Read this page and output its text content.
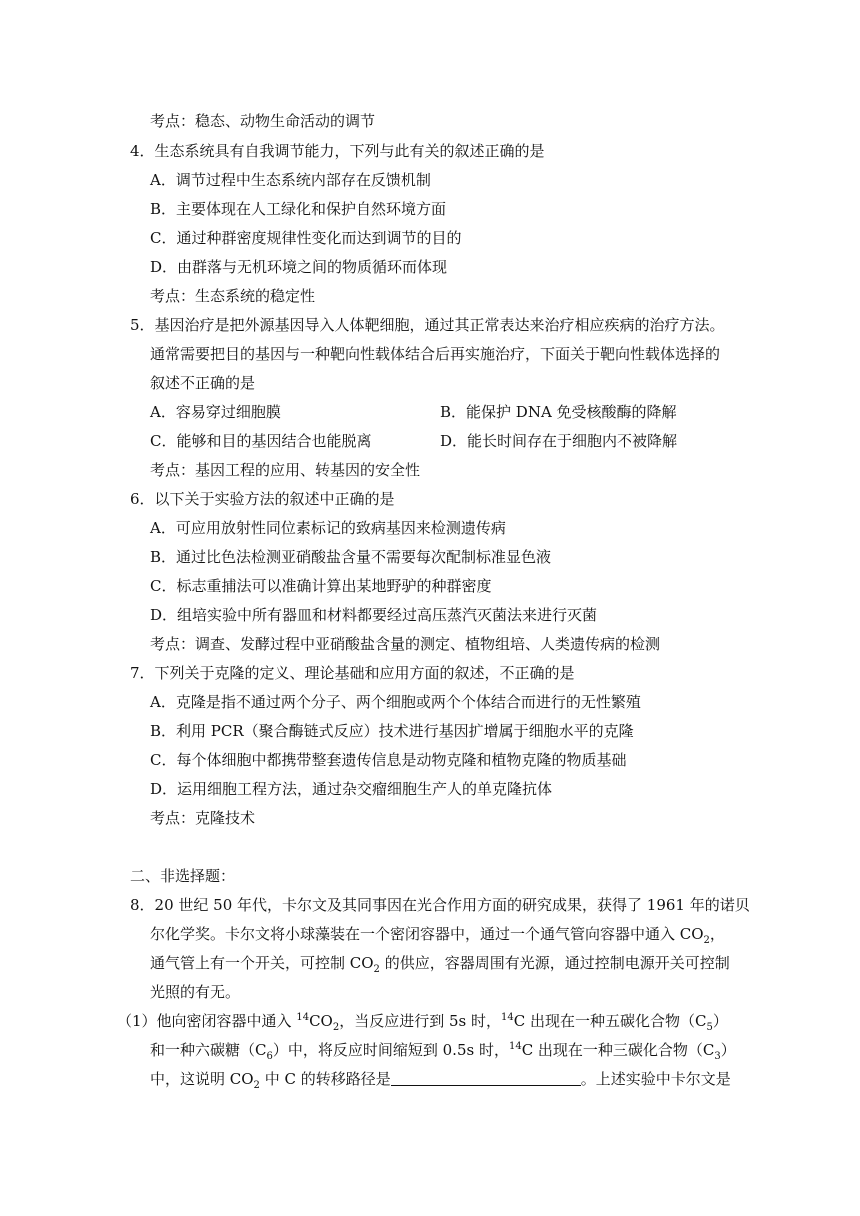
考点：稳态、动物生命活动的调节
4．生态系统具有自我调节能力，下列与此有关的叙述正确的是
A．调节过程中生态系统内部存在反馈机制
B．主要体现在人工绿化和保护自然环境方面
C．通过种群密度规律性变化而达到调节的目的
D．由群落与无机环境之间的物质循环而体现
考点：生态系统的稳定性
5．基因治疗是把外源基因导入人体靶细胞，通过其正常表达来治疗相应疾病的治疗方法。
通常需要把目的基因与一种靶向性载体结合后再实施治疗，下面关于靶向性载体选择的
叙述不正确的是
A．容易穿过细胞膜	B．能保护 DNA 免受核酸酶的降解
C．能够和目的基因结合也能脱离	D．能长时间存在于细胞内不被降解
考点：基因工程的应用、转基因的安全性
6．以下关于实验方法的叙述中正确的是
A．可应用放射性同位素标记的致病基因来检测遗传病
B．通过比色法检测亚硝酸盐含量不需要每次配制标准显色液
C．标志重捕法可以准确计算出某地野驴的种群密度
D．组培实验中所有器皿和材料都要经过高压蒸汽灭菌法来进行灭菌
考点：调查、发酵过程中亚硝酸盐含量的测定、植物组培、人类遗传病的检测
7．下列关于克隆的定义、理论基础和应用方面的叙述，不正确的是
A．克隆是指不通过两个分子、两个细胞或两个个体结合而进行的无性繁殖
B．利用 PCR（聚合酶链式反应）技术进行基因扩增属于细胞水平的克隆
C．每个体细胞中都携带整套遗传信息是动物克隆和植物克隆的物质基础
D．运用细胞工程方法，通过杂交瘤细胞生产人的单克隆抗体
考点：克隆技术
二、非选择题：
8．20 世纪 50 年代，卡尔文及其同事因在光合作用方面的研究成果，获得了 1961 年的诺贝
尔化学奖。卡尔文将小球藻装在一个密闭容器中，通过一个通气管向容器中通入 $CO_2$，
通气管上有一个开关，可控制 $CO_2$ 的供应，容器周围有光源，通过控制电源开关可控制
光照的有无。
（1）他向密闭容器中通入 $^{14}CO_2$，当反应进行到 5s 时，$^{14}$C 出现在一种五碳化合物$(C_5)$
和一种六碳糖$(C_6)$中，将反应时间缩短到 0.5s 时，$^{14}$C 出现在一种三碳化合物$(C_3)$
中，这说明 $CO_2$ 中 C 的转移路径是	。上述实验中卡尔文是
